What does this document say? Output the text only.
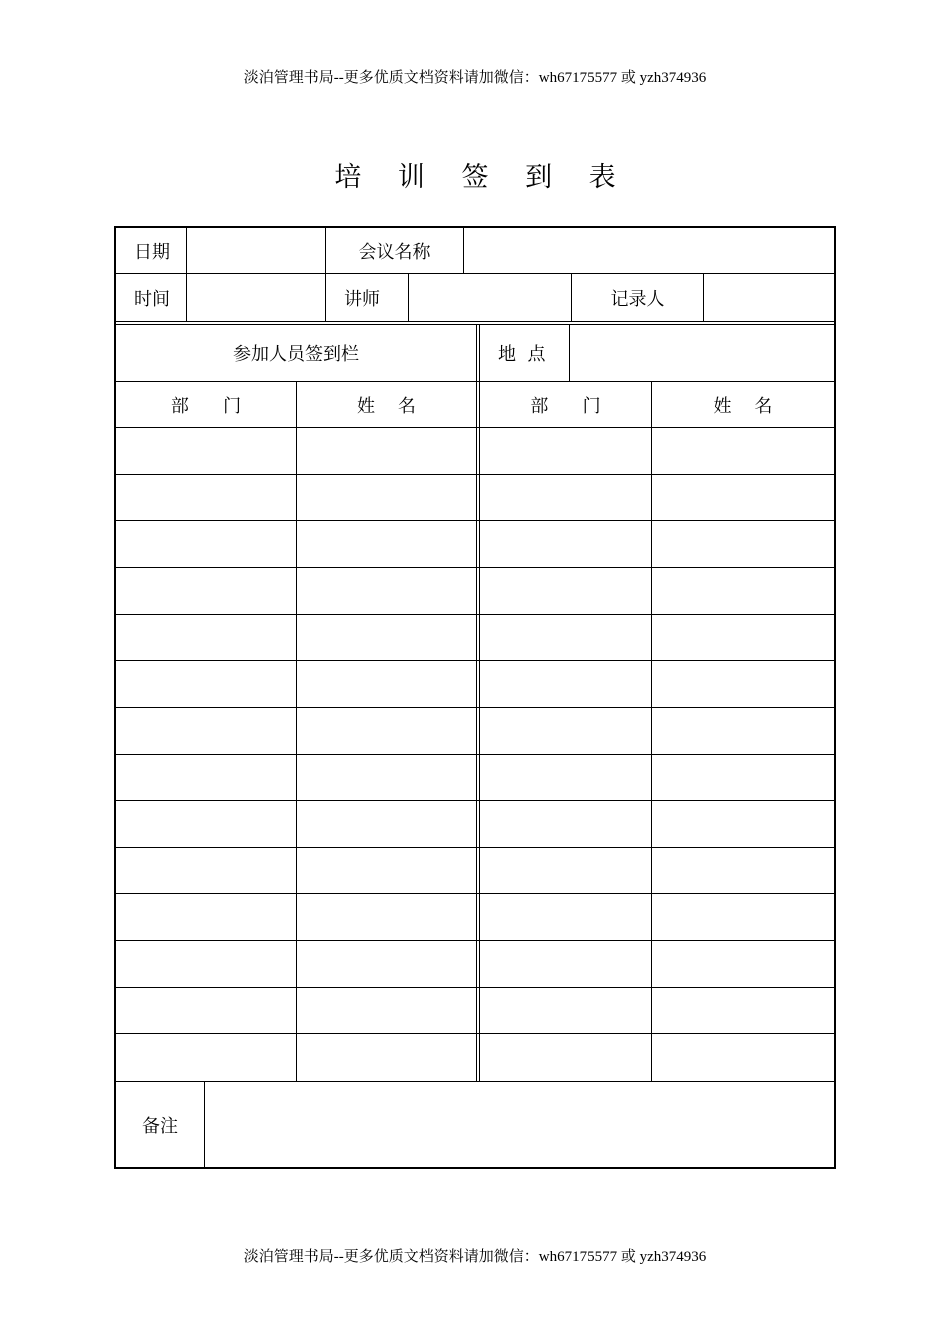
淡泊管理书局--更多优质文档资料请加微信：wh67175577 或 yzh374936
培 训 签 到 表
日期	会议名称
时间	讲师	记录人
参加人员签到栏	地  点
部      门	姓    名	部      门	姓    名
备注
淡泊管理书局--更多优质文档资料请加微信：wh67175577 或 yzh374936
